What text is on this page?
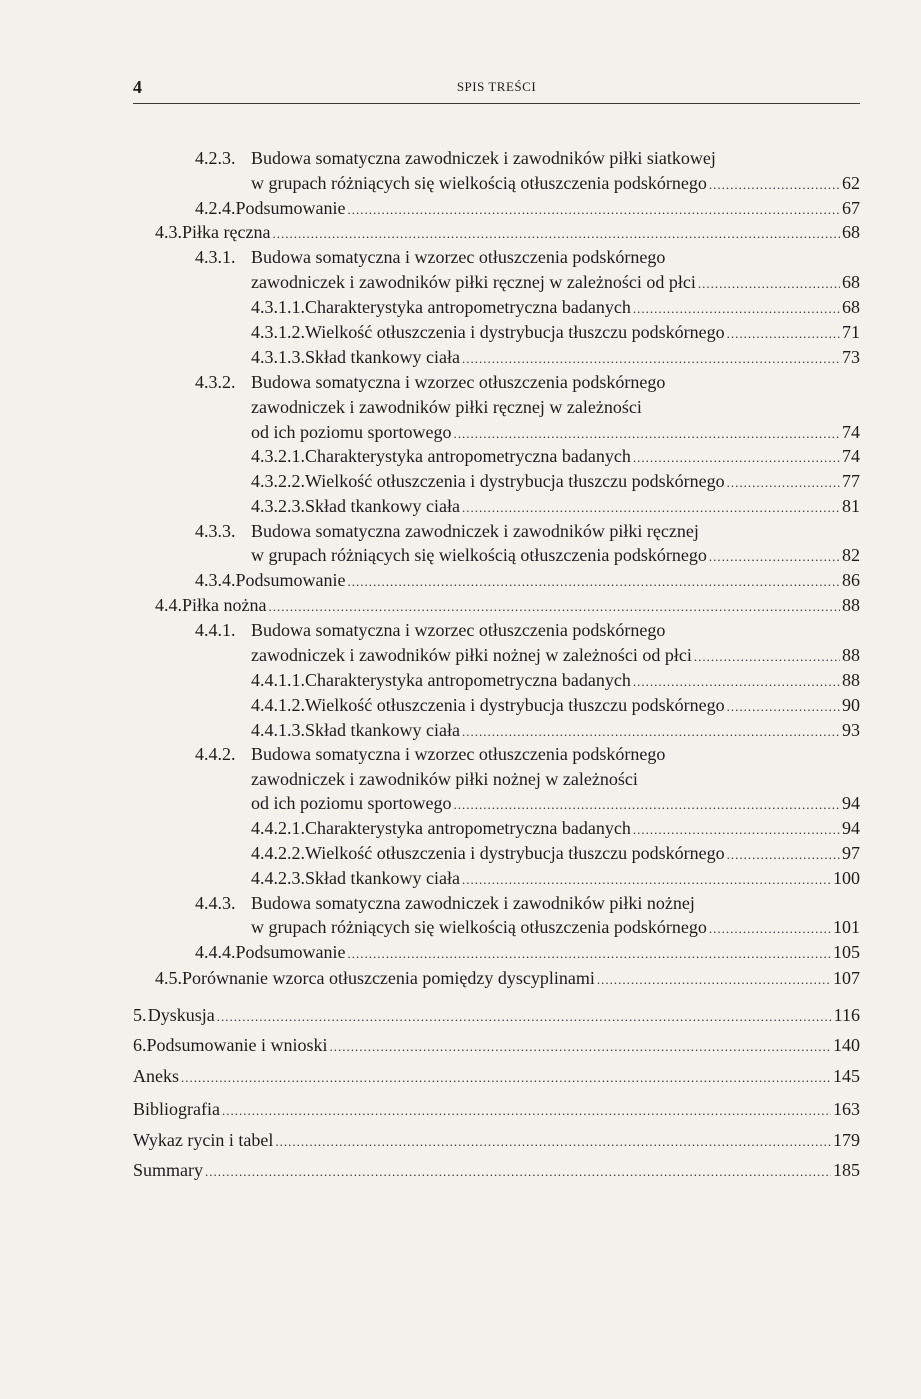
4	SPIS TREŚCI
4.2.3. Budowa somatyczna zawodniczek i zawodników piłki siatkowej
w grupach różniących się wielkością otłuszczenia podskórnego .....	62
4.2.4. Podsumowanie .....	67
4.3. Piłka ręczna .....	68
4.3.1. Budowa somatyczna i wzorzec otłuszczenia podskórnego
zawodniczek i zawodników piłki ręcznej w zależności od płci .....	68
4.3.1.1. Charakterystyka antropometryczna badanych .....	68
4.3.1.2. Wielkość otłuszczenia i dystrybucja tłuszczu podskórnego .....	71
4.3.1.3. Skład tkankowy ciała .....	73
4.3.2. Budowa somatyczna i wzorzec otłuszczenia podskórnego
zawodniczek i zawodników piłki ręcznej w zależności
od ich poziomu sportowego .....	74
4.3.2.1. Charakterystyka antropometryczna badanych .....	74
4.3.2.2. Wielkość otłuszczenia i dystrybucja tłuszczu podskórnego .....	77
4.3.2.3. Skład tkankowy ciała .....	81
4.3.3. Budowa somatyczna zawodniczek i zawodników piłki ręcznej
w grupach różniących się wielkością otłuszczenia podskórnego .....	82
4.3.4. Podsumowanie .....	86
4.4. Piłka nożna .....	88
4.4.1. Budowa somatyczna i wzorzec otłuszczenia podskórnego
zawodniczek i zawodników piłki nożnej w zależności od płci .....	88
4.4.1.1. Charakterystyka antropometryczna badanych .....	88
4.4.1.2. Wielkość otłuszczenia i dystrybucja tłuszczu podskórnego .....	90
4.4.1.3. Skład tkankowy ciała .....	93
4.4.2. Budowa somatyczna i wzorzec otłuszczenia podskórnego
zawodniczek i zawodników piłki nożnej w zależności
od ich poziomu sportowego .....	94
4.4.2.1. Charakterystyka antropometryczna badanych .....	94
4.4.2.2. Wielkość otłuszczenia i dystrybucja tłuszczu podskórnego .....	97
4.4.2.3. Skład tkankowy ciała .....	100
4.4.3. Budowa somatyczna zawodniczek i zawodników piłki nożnej
w grupach różniących się wielkością otłuszczenia podskórnego .....	101
4.4.4. Podsumowanie .....	105
4.5. Porównanie wzorca otłuszczenia pomiędzy dyscyplinami .....	107
5. Dyskusja .....	116
6. Podsumowanie i wnioski .....	140
Aneks .....	145
Bibliografia .....	163
Wykaz rycin i tabel .....	179
Summary .....	185
